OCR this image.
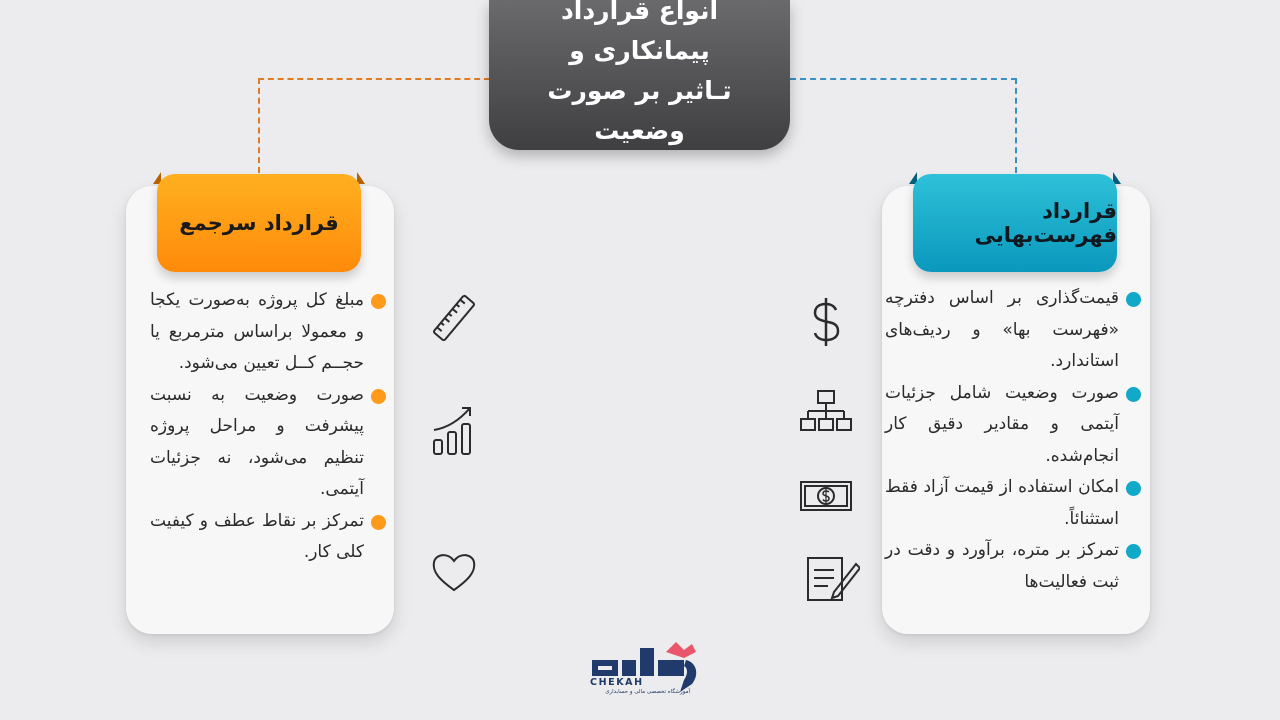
انواع قرارداد پیمانکاری و
تـاثیر بر صورت وضعیت
قرارداد سرجمع
مبلغ کل پروژه به‌صورت یکجا و معمولا براساس مترمربع یا حجــم کــل تعیین می‌شود.
صورت وضعیت به نسبت پیشرفت و مراحل پروژه تنظیم می‌شود، نه جزئیات آیتمی.
تمرکز بر نقاط عطف و کیفیت کلی کار.
قرارداد فهرست‌بهایی
قیمت‌گذاری بر اساس دفترچه «فهرست بها» و ردیف‌های استاندارد.
صورت وضعیت شامل جزئیات آیتمی و مقادیر دقیق کار انجام‌شده.
امکان استفاده از قیمت آزاد فقط استثنائاً.
تمرکز بر متره، برآورد و دقت در ثبت فعالیت‌ها
CHEKAH
آموزشگاه تخصصی مالی و حسابداری
